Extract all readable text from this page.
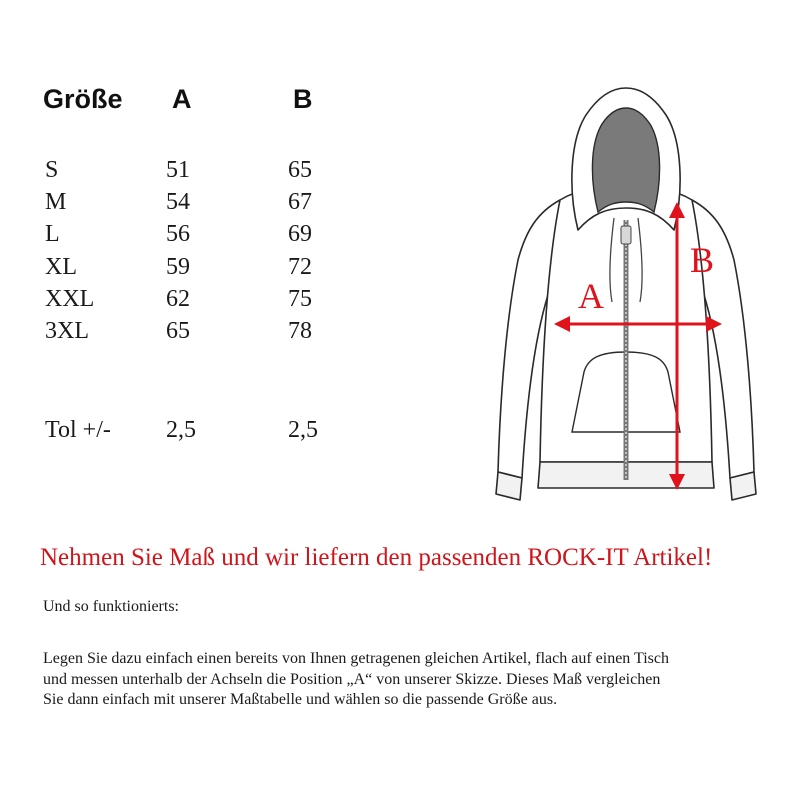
Größe A	B
S	51	65
M	54	67
L	56	69
XL	59	72
XXL	62	75
3XL	65	78
Tol +/- 2,5	2,5
A
B
Nehmen Sie Maß und wir liefern den passenden ROCK-IT Artikel!
Und so funktionierts:
Legen Sie dazu einfach einen bereits von Ihnen getragenen gleichen Artikel, flach auf einen Tisch
und messen unterhalb der Achseln die Position „A“ von unserer Skizze. Dieses Maß vergleichen
Sie dann einfach mit unserer Maßtabelle und wählen so die passende Größe aus.
